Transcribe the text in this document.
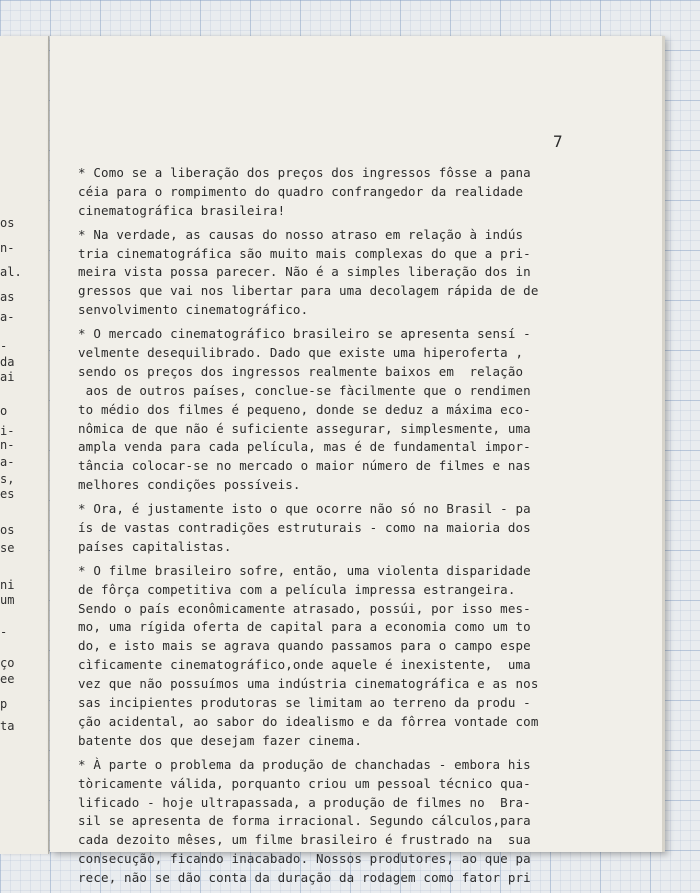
os
n-
al.
as
a-
-
da
ai
o
i-
n-
a-
s,
es
os
se
ni
um
-
ço
ee
p
ta
7
* Como se a liberação dos preços dos ingressos fôsse a pana
céia para o rompimento do quadro confrangedor da realidade
cinematográfica brasileira!
* Na verdade, as causas do nosso atraso em relação à indús
tria cinematográfica são muito mais complexas do que a pri-
meira vista possa parecer. Não é a simples liberação dos in
gressos que vai nos libertar para uma decolagem rápida de de
senvolvimento cinematográfico.
* O mercado cinematográfico brasileiro se apresenta sensí -
velmente desequilibrado. Dado que existe uma hiperoferta ,
sendo os preços dos ingressos realmente baixos em  relação
aos de outros países, conclue-se fàcilmente que o rendimen
to médio dos filmes é pequeno, donde se deduz a máxima eco-
nômica de que não é suficiente assegurar, simplesmente, uma
ampla venda para cada película, mas é de fundamental impor-
tância colocar-se no mercado o maior número de filmes e nas
melhores condições possíveis.
* Ora, é justamente isto o que ocorre não só no Brasil - pa
ís de vastas contradições estruturais - como na maioria dos
países capitalistas.
* O filme brasileiro sofre, então, uma violenta disparidade
de fôrça competitiva com a película impressa estrangeira.
Sendo o país econômicamente atrasado, possúi, por isso mes-
mo, uma rígida oferta de capital para a economia como um to
do, e isto mais se agrava quando passamos para o campo espe
cìficamente cinematográfico,onde aquele é inexistente,  uma
vez que não possuímos uma indústria cinematográfica e as nos
sas incipientes produtoras se limitam ao terreno da produ -
ção acidental, ao sabor do idealismo e da fôrrea vontade com
batente dos que desejam fazer cinema.
* À parte o problema da produção de chanchadas - embora his
tòricamente válida, porquanto criou um pessoal técnico qua-
lificado - hoje ultrapassada, a produção de filmes no  Bra-
sil se apresenta de forma irracional. Segundo cálculos,para
cada dezoito mêses, um filme brasileiro é frustrado na  sua
consecução, ficando inacabado. Nossos produtores, ao que pa
rece, não se dão conta da duração da rodagem como fator pri
